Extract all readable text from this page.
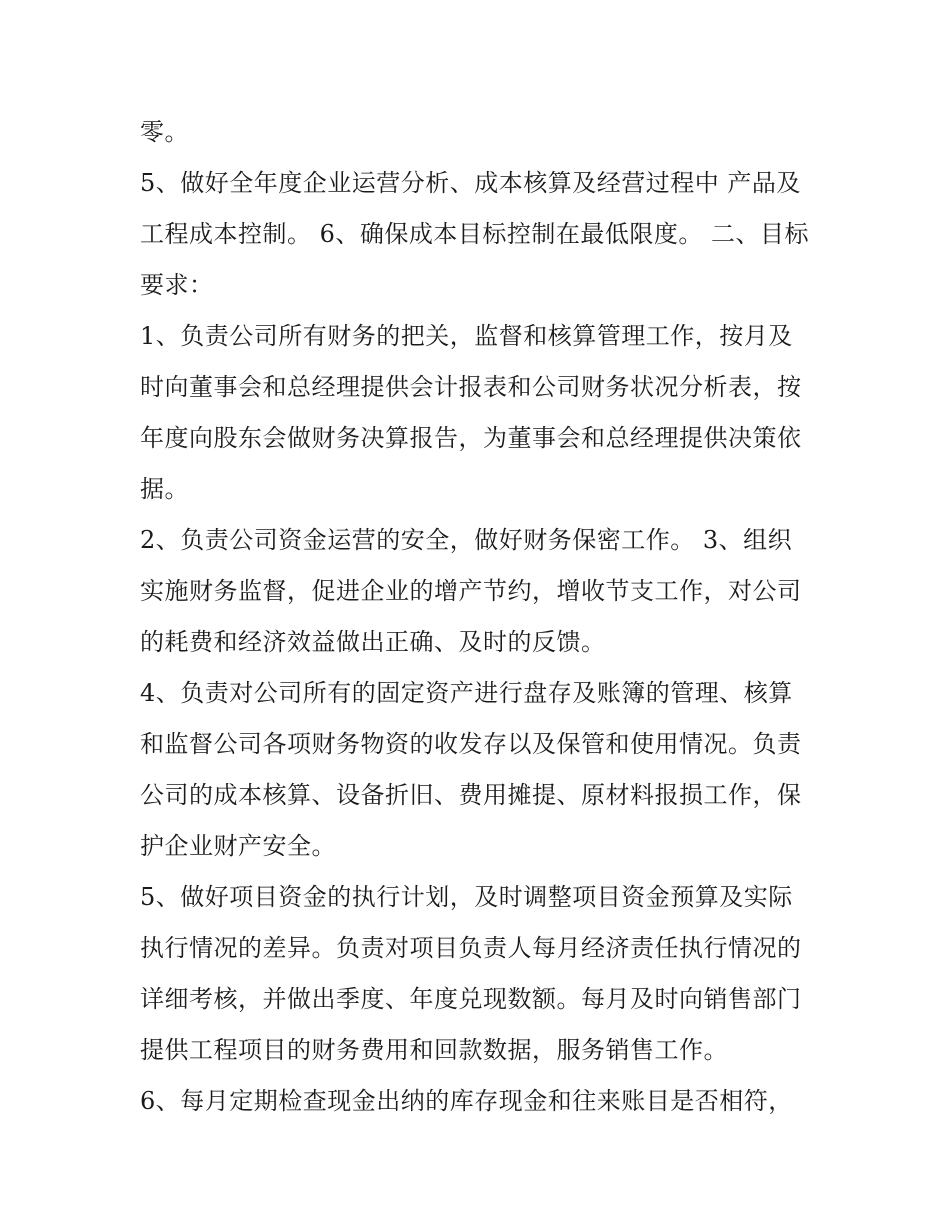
零。
5、做好全年度企业运营分析、成本核算及经营过程中 产品及
工程成本控制。 6、确保成本目标控制在最低限度。 二、目标
要求：
1、负责公司所有财务的把关，监督和核算管理工作，按月及
时向董事会和总经理提供会计报表和公司财务状况分析表，按
年度向股东会做财务决算报告，为董事会和总经理提供决策依
据。
2、负责公司资金运营的安全，做好财务保密工作。 3、组织
实施财务监督，促进企业的增产节约，增收节支工作，对公司
的耗费和经济效益做出正确、及时的反馈。
4、负责对公司所有的固定资产进行盘存及账簿的管理、核算
和监督公司各项财务物资的收发存以及保管和使用情况。负责
公司的成本核算、设备折旧、费用摊提、原材料报损工作，保
护企业财产安全。
5、做好项目资金的执行计划，及时调整项目资金预算及实际
执行情况的差异。负责对项目负责人每月经济责任执行情况的
详细考核，并做出季度、年度兑现数额。每月及时向销售部门
提供工程项目的财务费用和回款数据，服务销售工作。
6、每月定期检查现金出纳的库存现金和往来账目是否相符，
